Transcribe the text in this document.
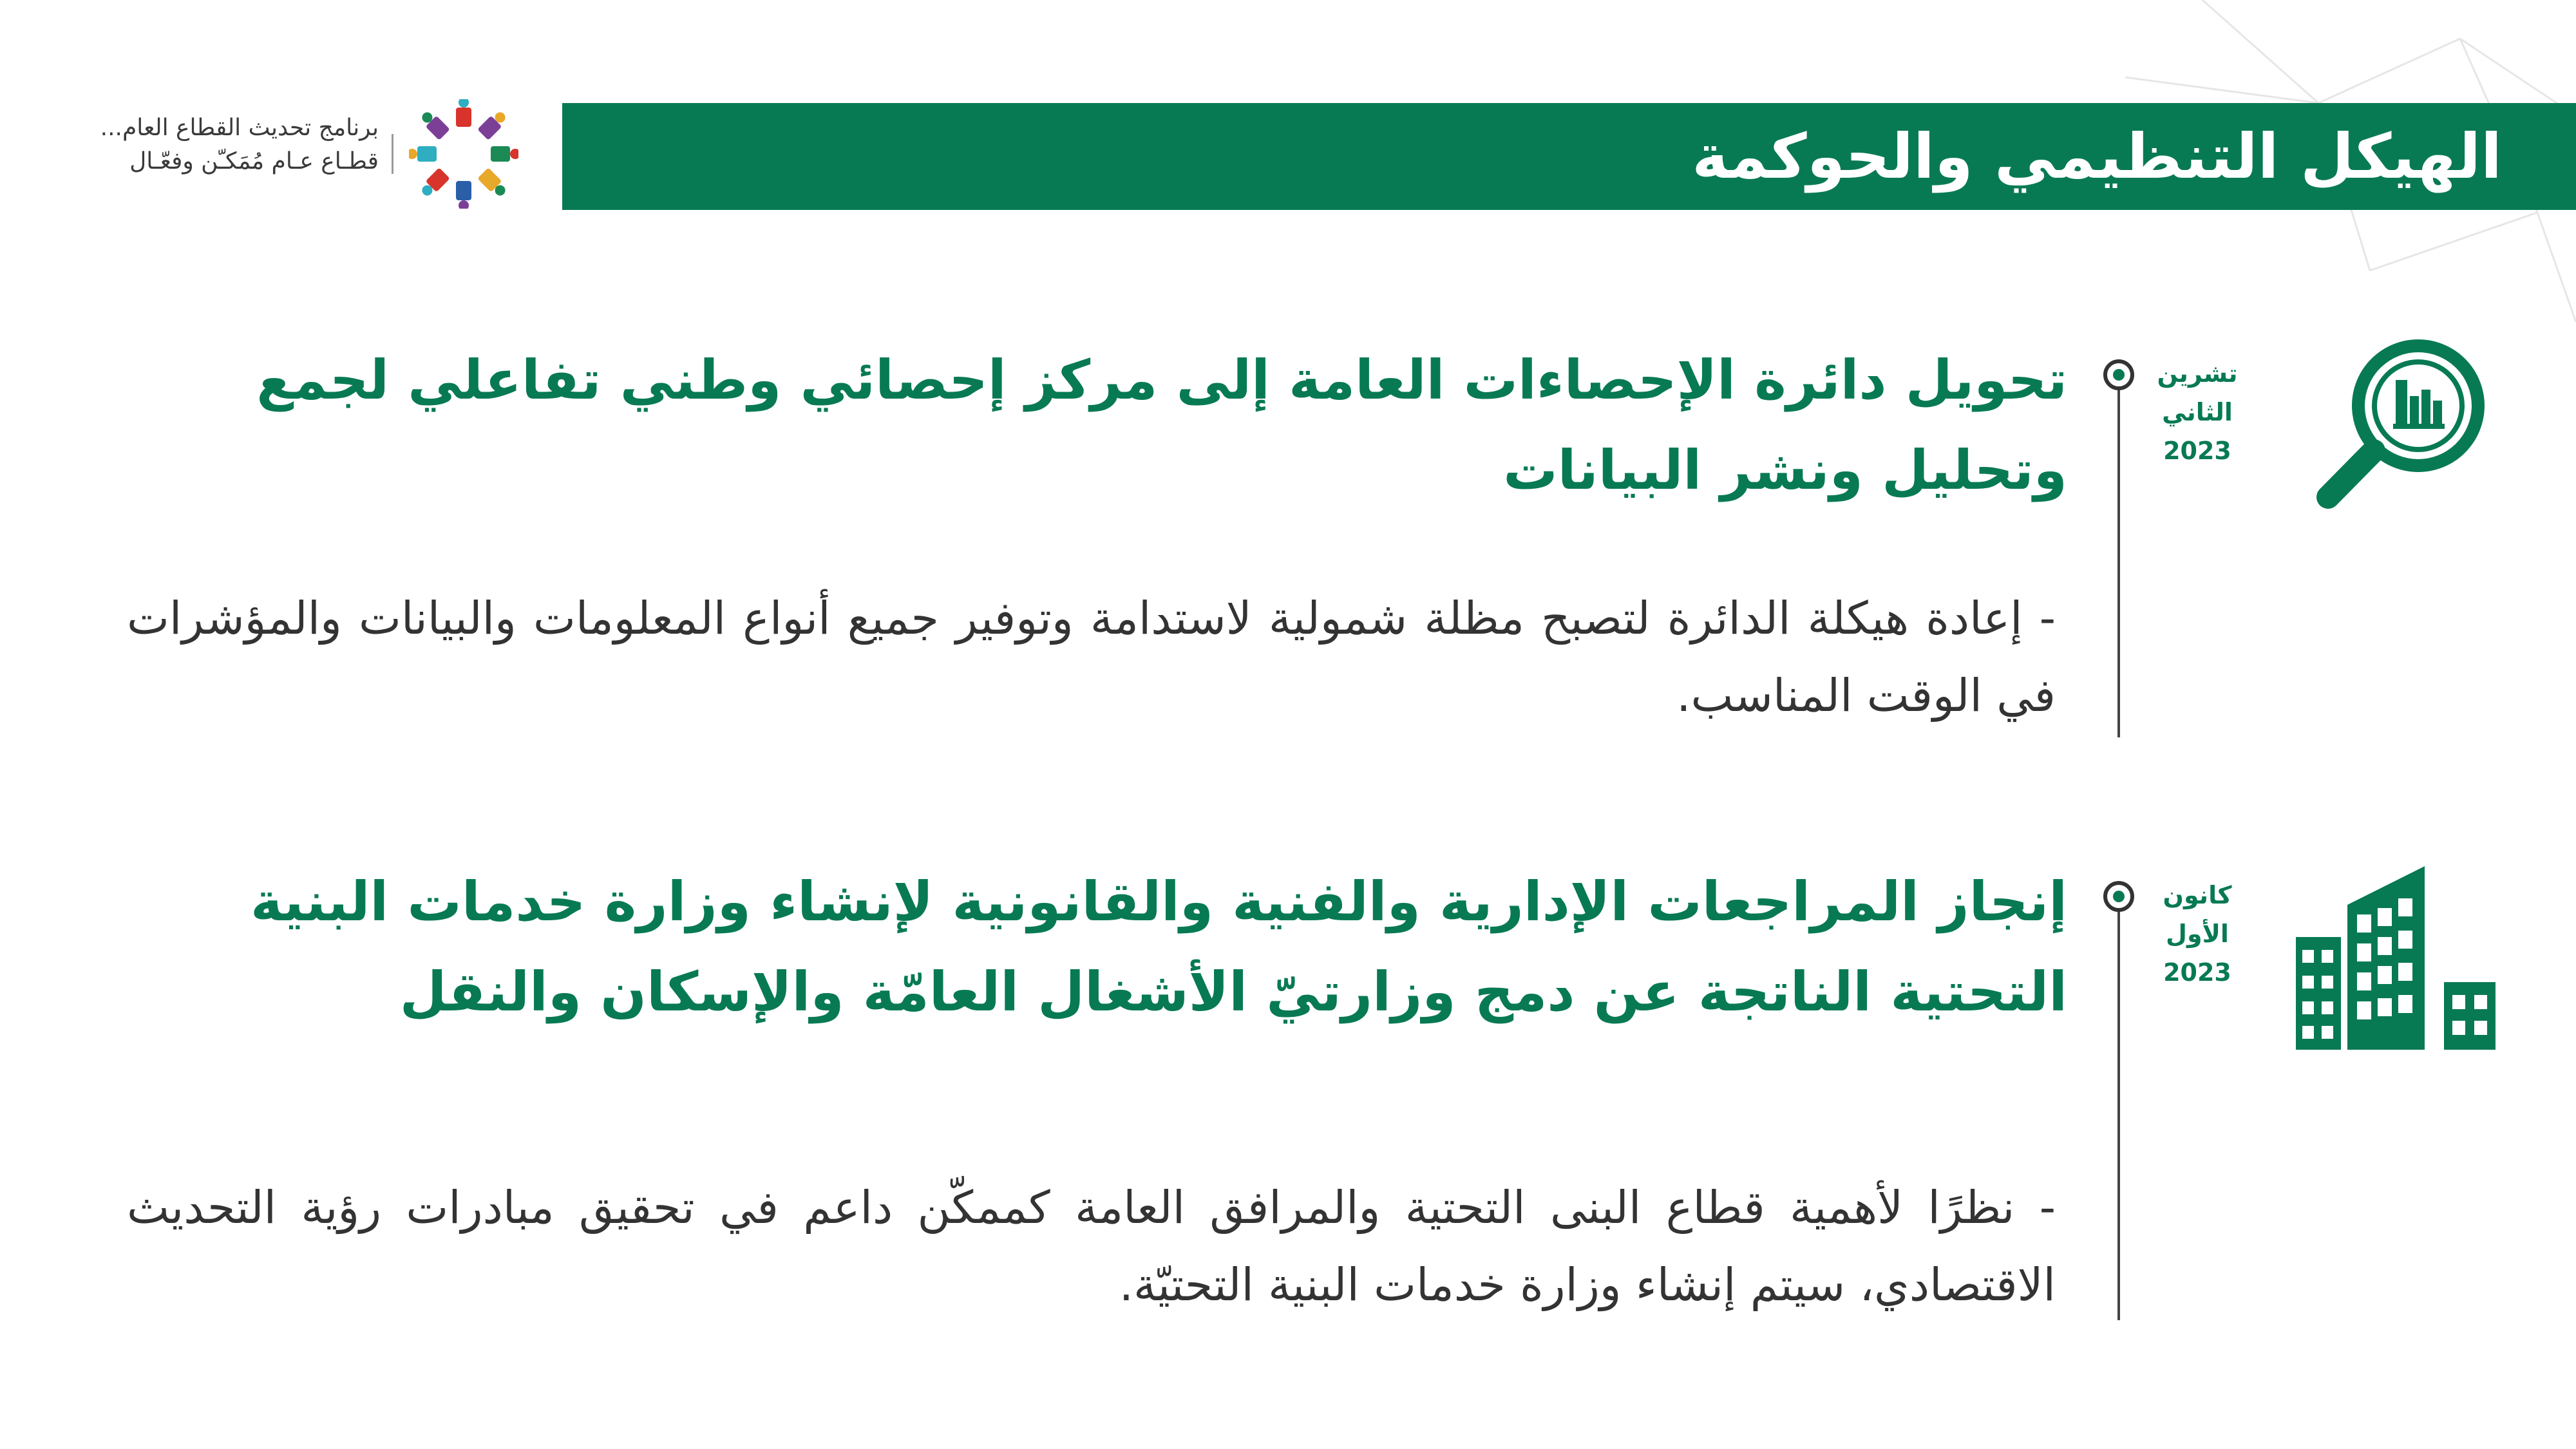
الهيكل التنظيمي والحوكمة
برنامج تحديث القطاع العام...
قطـاع عـام مُمَكـّن وفعّـال
تشرين
الثاني
2023
تحويل دائرة الإحصاءات العامة إلى مركز إحصائي وطني تفاعلي لجمع وتحليل ونشر البيانات
- إعادة هيكلة الدائرة لتصبح مظلة شمولية لاستدامة وتوفير جميع أنواع المعلومات والبيانات والمؤشرات في الوقت المناسب.
كانون
الأول
2023
إنجاز المراجعات الإدارية والفنية والقانونية لإنشاء وزارة خدمات البنية التحتية الناتجة عن دمج وزارتيّ الأشغال العامّة والإسكان والنقل
- نظرًا لأهمية قطاع البنى التحتية والمرافق العامة كممكّن داعم في تحقيق مبادرات رؤية التحديث الاقتصادي، سيتم إنشاء وزارة خدمات البنية التحتيّة.
